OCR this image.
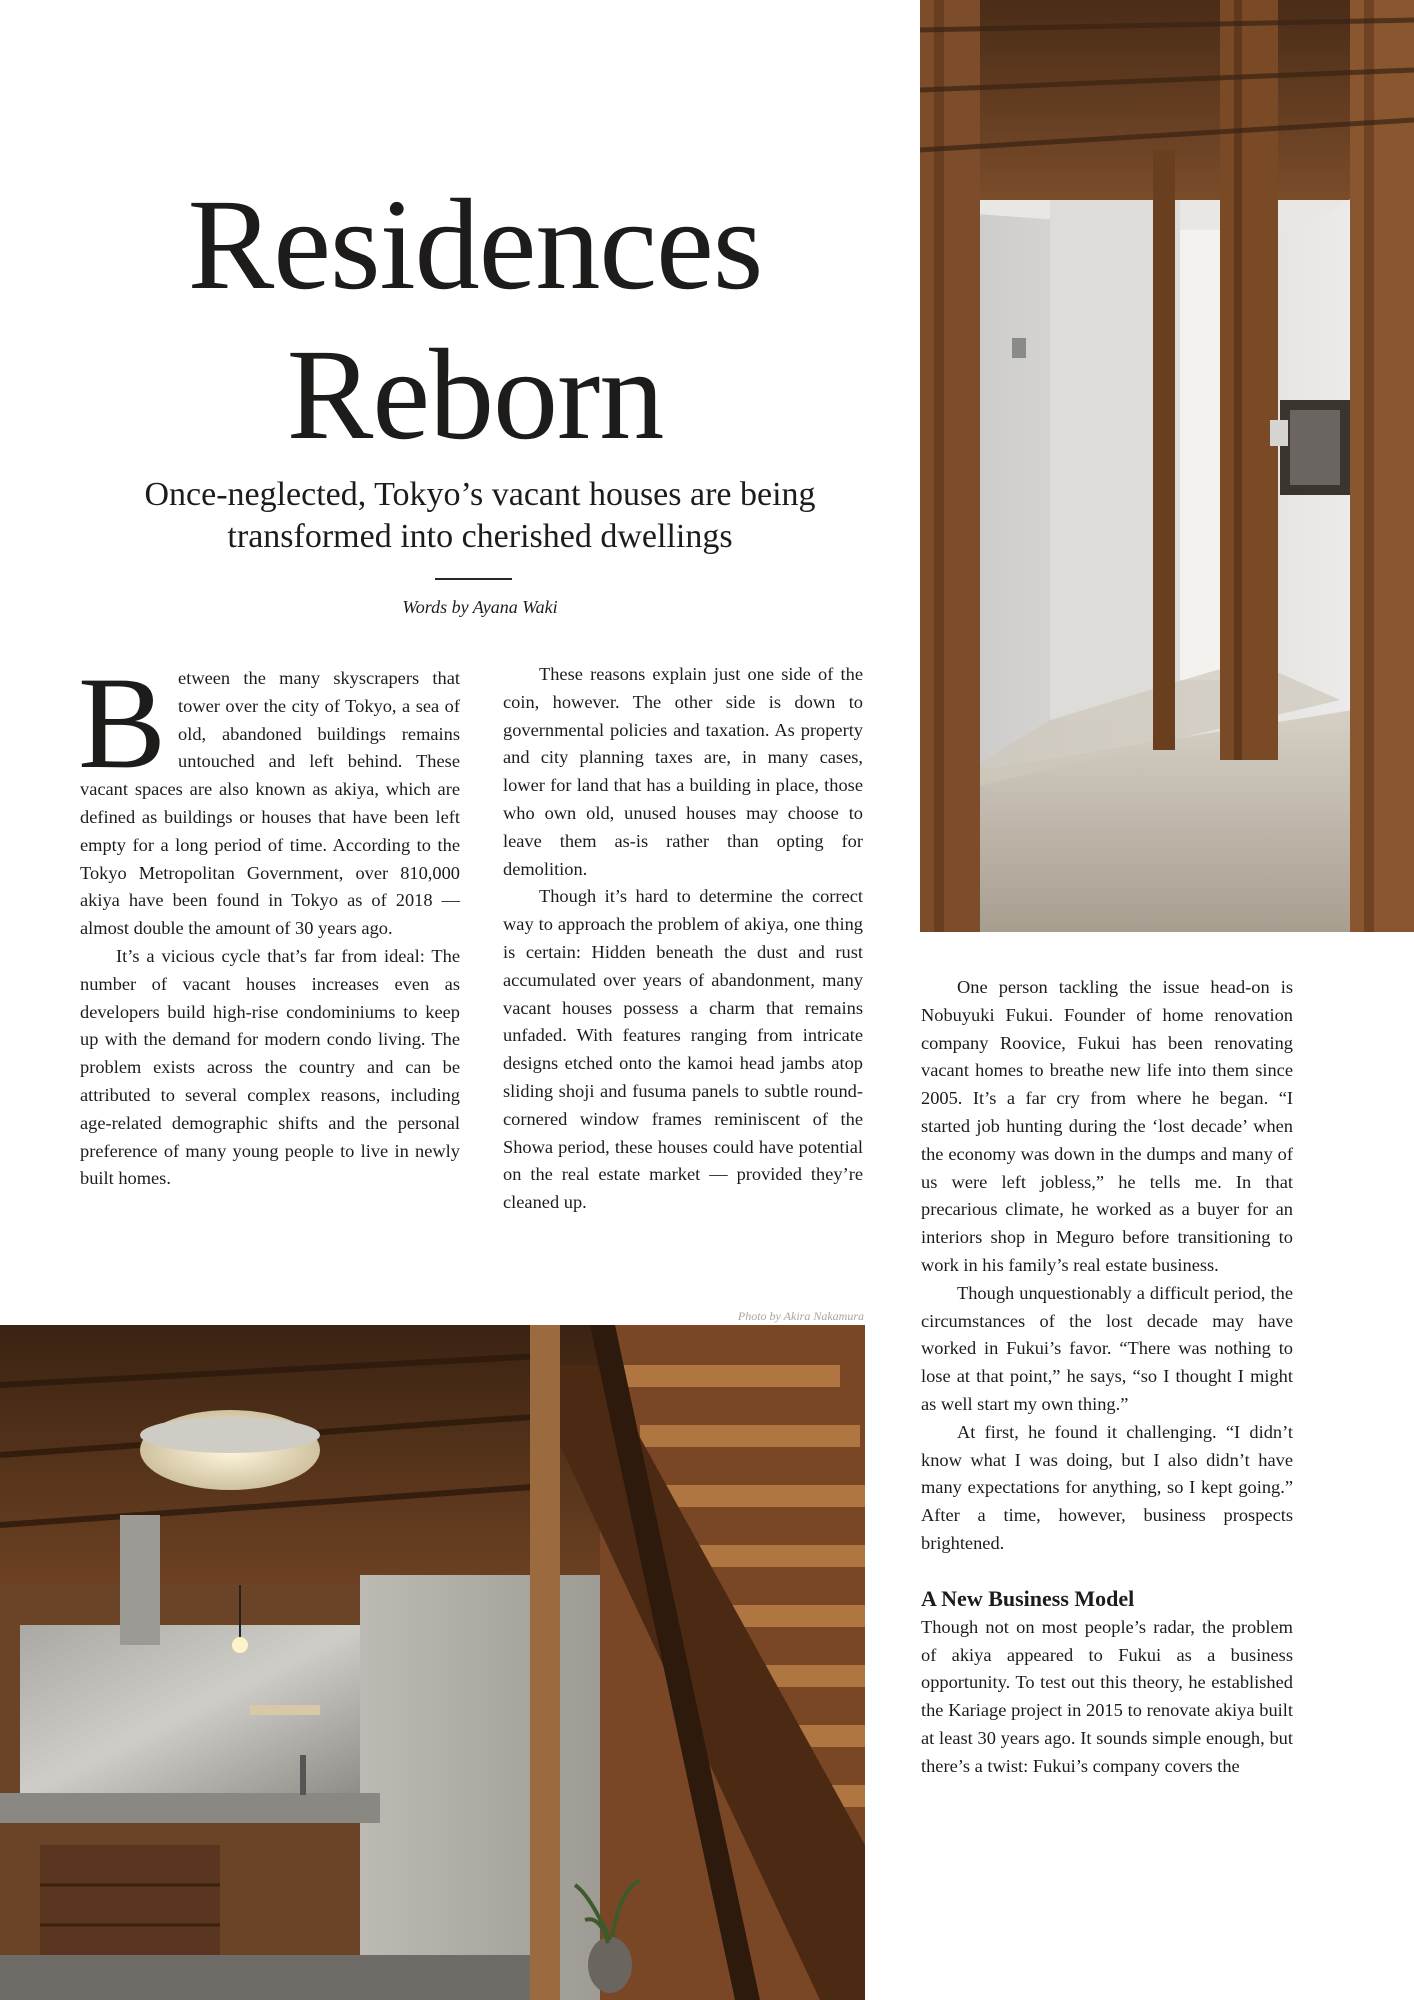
Residences
Reborn

Once-neglected, Tokyo’s vacant houses are being transformed into cherished dwellings

Words by Ayana Waki
B etween the many skyscrapers that tower over the city of Tokyo, a sea of old, abandoned buildings remains untouched and left behind. These vacant spaces are also known as akiya, which are defined as buildings or houses that have been left empty for a long period of time. According to the Tokyo Metropolitan Government, over 810,000 akiya have been found in Tokyo as of 2018 — almost double the amount of 30 years ago.

It’s a vicious cycle that’s far from ideal: The number of vacant houses increases even as developers build high-rise condominiums to keep up with the demand for modern condo living. The problem exists across the country and can be attributed to several complex reasons, including age-related demographic shifts and the personal preference of many young people to live in newly built homes.

These reasons explain just one side of the coin, however. The other side is down to governmental policies and taxation. As property and city planning taxes are, in many cases, lower for land that has a building in place, those who own old, unused houses may choose to leave them as-is rather than opting for demolition.

Though it’s hard to determine the correct way to approach the problem of akiya, one thing is certain: Hidden beneath the dust and rust accumulated over years of abandonment, many vacant houses possess a charm that remains unfaded. With features ranging from intricate designs etched onto the kamoi head jambs atop sliding shoji and fusuma panels to subtle round-cornered window frames reminiscent of the Showa period, these houses could have potential on the real estate market — provided they’re cleaned up.

One person tackling the issue head-on is Nobuyuki Fukui. Founder of home renovation company Roovice, Fukui has been renovating vacant homes to breathe new life into them since 2005. It’s a far cry from where he began. “I started job hunting during the ‘lost decade’ when the economy was down in the dumps and many of us were left jobless,” he tells me. In that precarious climate, he worked as a buyer for an interiors shop in Meguro before transitioning to work in his family’s real estate business.

Though unquestionably a difficult period, the circumstances of the lost decade may have worked in Fukui’s favor. “There was nothing to lose at that point,” he says, “so I thought I might as well start my own thing.”

At first, he found it challenging. “I didn’t know what I was doing, but I also didn’t have many expectations for anything, so I kept going.” After a time, however, business prospects brightened.

A New Business Model

Though not on most people’s radar, the problem of akiya appeared to Fukui as a business opportunity. To test out this theory, he established the Kariage project in 2015 to renovate akiya built at least 30 years ago. It sounds simple enough, but there’s a twist: Fukui’s company covers the

Photo by Akira Nakamura
